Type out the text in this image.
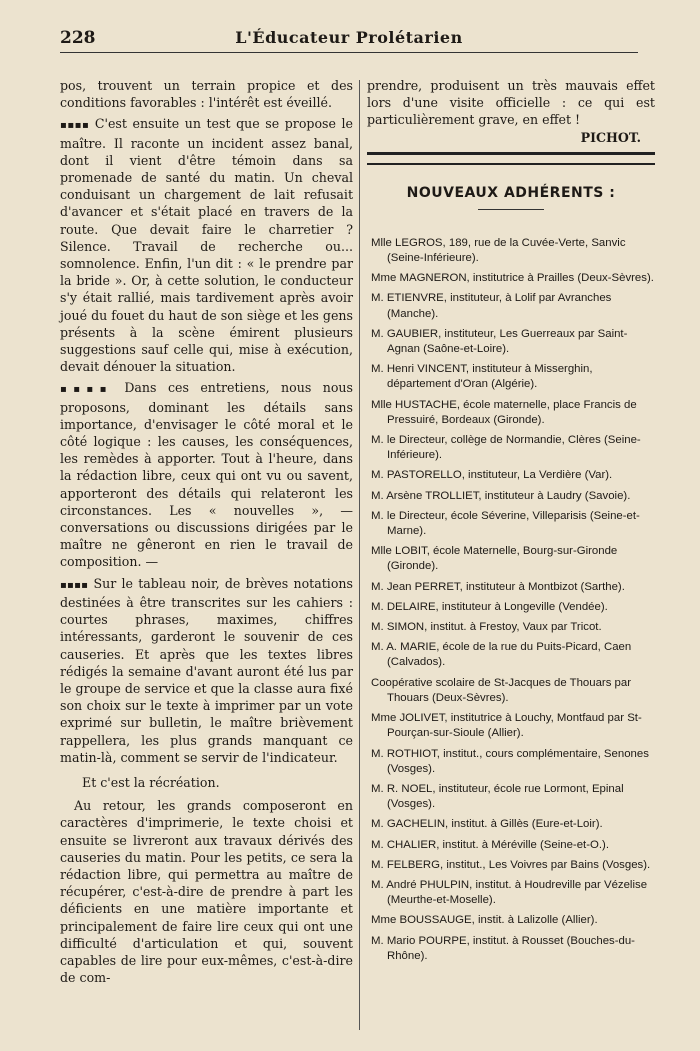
228	L'Éducateur Prolétarien

pos, trouvent un terrain propice et des conditions favorables : l'intérêt est éveillé.

▪▪▪▪ C'est ensuite un test que se propose le maître. Il raconte un incident assez banal, dont il vient d'être témoin dans sa promenade de santé du matin. Un cheval conduisant un chargement de lait refusait d'avancer et s'était placé en travers de la route. Que devait faire le charretier ? Silence. Travail de recherche ou... somnolence. Enfin, l'un dit : « le prendre par la bride ». Or, à cette solution, le conducteur s'y était rallié, mais tardivement après avoir joué du fouet du haut de son siège et les gens présents à la scène émirent plusieurs suggestions sauf celle qui, mise à exécution, devait dénouer la situation.

▪▪▪▪ Dans ces entretiens, nous nous proposons, dominant les détails sans importance, d'envisager le côté moral et le côté logique : les causes, les conséquences, les remèdes à apporter. Tout à l'heure, dans la rédaction libre, ceux qui ont vu ou savent, apporteront des détails qui relateront les circonstances. Les « nouvelles », — conversations ou discussions dirigées par le maître ne gêneront en rien le travail de composition. —

▪▪▪▪ Sur le tableau noir, de brèves notations destinées à être transcrites sur les cahiers : courtes phrases, maximes, chiffres intéressants, garderont le souvenir de ces causeries. Et après que les textes libres rédigés la semaine d'avant auront été lus par le groupe de service et que la classe aura fixé son choix sur le texte à imprimer par un vote exprimé sur bulletin, le maître brièvement rappellera, les plus grands manquant ce matin-là, comment se servir de l'indicateur.

Et c'est la récréation.

Au retour, les grands composeront en caractères d'imprimerie, le texte choisi et ensuite se livreront aux travaux dérivés des causeries du matin. Pour les petits, ce sera la rédaction libre, qui permettra au maître de récupérer, c'est-à-dire de prendre à part les déficients en une matière importante et principalement de faire lire ceux qui ont une difficulté d'articulation et qui, souvent capables de lire pour eux-mêmes, c'est-à-dire de com-

prendre, produisent un très mauvais effet lors d'une visite officielle : ce qui est particulièrement grave, en effet !

PICHOT.

NOUVEAUX ADHÉRENTS :

Mlle LEGROS, 189, rue de la Cuvée-Verte, Sanvic (Seine-Inférieure).

Mme MAGNERON, institutrice à Prailles (Deux-Sèvres).

M. ETIENVRE, instituteur, à Lolif par Avranches (Manche).

M. GAUBIER, instituteur, Les Guerreaux par Saint-Agnan (Saône-et-Loire).

M. Henri VINCENT, instituteur à Misserghin, département d'Oran (Algérie).

Mlle HUSTACHE, école maternelle, place Francis de Pressuiré, Bordeaux (Gironde).

M. le Directeur, collège de Normandie, Clères (Seine-Inférieure).

M. PASTORELLO, instituteur, La Verdière (Var).

M. Arsène TROLLIET, instituteur à Laudry (Savoie).

M. le Directeur, école Séverine, Villeparisis (Seine-et-Marne).

Mlle LOBIT, école Maternelle, Bourg-sur-Gironde (Gironde).

M. Jean PERRET, instituteur à Montbizot (Sarthe).

M. DELAIRE, instituteur à Longeville (Vendée).

M. SIMON, institut. à Frestoy, Vaux par Tricot.

M. A. MARIE, école de la rue du Puits-Picard, Caen (Calvados).

Coopérative scolaire de St-Jacques de Thouars par Thouars (Deux-Sèvres).

Mme JOLIVET, institutrice à Louchy, Montfaud par St-Pourçan-sur-Sioule (Allier).

M. ROTHIOT, institut., cours complémentaire, Senones (Vosges).

M. R. NOEL, instituteur, école rue Lormont, Epinal (Vosges).

M. GACHELIN, institut. à Gillès (Eure-et-Loir).

M. CHALIER, institut. à Méréville (Seine-et-O.).

M. FELBERG, institut., Les Voivres par Bains (Vosges).

M. André PHULPIN, institut. à Houdreville par Vézelise (Meurthe-et-Moselle).

Mme BOUSSAUGE, instit. à Lalizolle (Allier).

M. Mario POURPE, institut. à Rousset (Bouches-du-Rhône).
